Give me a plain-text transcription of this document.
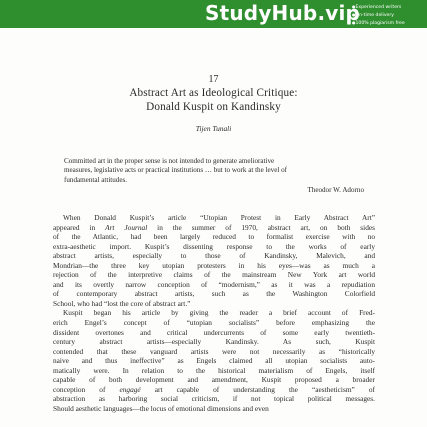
StudyHub.vip
● Experienced writers
● On-time delivery
● 100% plagiarism free
17
Abstract Art as Ideological Critique:
Donald Kuspit on Kandinsky
Tijen Tunali
Committed art in the proper sense is not intended to generate ameliorative
measures, legislative acts or practical institutions … but to work at the level of
fundamental attitudes.
Theodor W. Adorno
When Donald Kuspit’s article “Utopian Protest in Early Abstract Art”
appeared in Art Journal in the summer of 1970, abstract art, on both sides
of the Atlantic, had been largely reduced to formalist exercise with no
extra-aesthetic import. Kuspit’s dissenting response to the works of early
abstract artists, especially to those of Kandinsky, Malevich, and
Mondrian—the three key utopian protesters in his eyes—was as much a
rejection of the interpretive claims of the mainstream New York art world
and its overtly narrow conception of “modernism,” as it was a repudiation
of contemporary abstract artists, such as the Washington Colorfield
School, who had “lost the core of abstract art.”
Kuspit began his article by giving the reader a brief account of Fred-
erich Engel’s concept of “utopian socialists” before emphasizing the
dissident overtones and critical undercurrents of some early twentieth-
century abstract artists—especially Kandinsky. As such, Kuspit
contended that these vanguard artists were not necessarily as “historically
naive and thus ineffective” as Engels claimed all utopian socialists auto-
matically were. In relation to the historical materialism of Engels, itself
capable of both development and amendment, Kuspit proposed a broader
conception of engagé art capable of understanding the “aestheticism” of
abstraction as harboring social criticism, if not topical political messages.
Should aesthetic languages—the locus of emotional dimensions and even
